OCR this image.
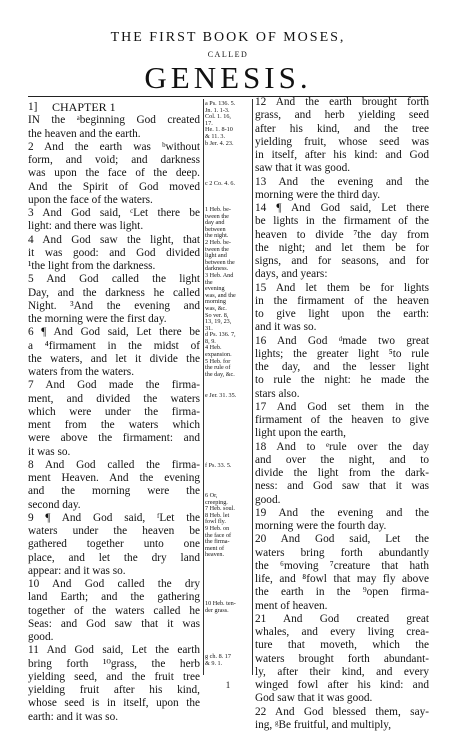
THE FIRST BOOK OF MOSES,
CALLED
GENESIS.
1] CHAPTER 1
IN the ᵃbeginning God created
the heaven and the earth.
2 And the earth was ᵇwithout
form, and void; and darkness
was upon the face of the deep.
And the Spirit of God moved
upon the face of the waters.
3 And God said, ᶜLet there be
light: and there was light.
4 And God saw the light, that
it was good: and God divided
¹the light from the darkness.
5 And God called the light
Day, and the darkness he called
Night. ³And the evening and
the morning were the first day.
6 ¶ And God said, Let there be
a ⁴firmament in the midst of
the waters, and let it divide the
waters from the waters.
7 And God made the firma-
ment, and divided the waters
which were under the firma-
ment from the waters which
were above the firmament: and
it was so.
8 And God called the firma-
ment Heaven. And the evening
and the morning were the
second day.
9 ¶ And God said, ᶠLet the
waters under the heaven be
gathered together unto one
place, and let the dry land
appear: and it was so.
10 And God called the dry
land Earth; and the gathering
together of the waters called he
Seas: and God saw that it was
good.
11 And God said, Let the earth
bring forth ¹⁰grass, the herb
yielding seed, and the fruit tree
yielding fruit after his kind,
whose seed is in itself, upon the
earth: and it was so.
a Ps. 136. 5.
Jn. 1. 1-3.
Col. 1. 16,
17.
He. 1. 8-10
& 11. 3.
b Jer. 4. 23.
c 2 Co. 4. 6.
1 Heb. be-
tween the
day and
between
the night.
2 Heb. be-
tween the
light and
between the
darkness.
3 Heb. And
the
evening
was, and the
morning
was, &c.
So ver. 8,
13, 19, 23,
31.
d Ps. 136. 7,
8, 9.
4 Heb.
expansion.
5 Heb. for
the rule of
the day, &c.
e Jer. 31. 35.
f Ps. 33. 5.
6 Or,
creeping.
7 Heb. soul.
8 Heb. let
fowl fly.
9 Heb. on
the face of
the firma-
ment of
heaven.
10 Heb. ten-
der grass.
g ch. 8. 17
& 9. 1.
12 And the earth brought forth
grass, and herb yielding seed
after his kind, and the tree
yielding fruit, whose seed was
in itself, after his kind: and God
saw that it was good.
13 And the evening and the
morning were the third day.
14 ¶ And God said, Let there
be lights in the firmament of the
heaven to divide ⁷the day from
the night; and let them be for
signs, and for seasons, and for
days, and years:
15 And let them be for lights
in the firmament of the heaven
to give light upon the earth:
and it was so.
16 And God ᵈmade two great
lights; the greater light ⁵to rule
the day, and the lesser light
to rule the night: he made the
stars also.
17 And God set them in the
firmament of the heaven to give
light upon the earth,
18 And to ᵉrule over the day
and over the night, and to
divide the light from the dark-
ness: and God saw that it was
good.
19 And the evening and the
morning were the fourth day.
20 And God said, Let the
waters bring forth abundantly
the ⁶moving ⁷creature that hath
life, and ⁸fowl that may fly above
the earth in the ⁹open firma-
ment of heaven.
21 And God created great
whales, and every living crea-
ture that moveth, which the
waters brought forth abundant-
ly, after their kind, and every
winged fowl after his kind: and
God saw that it was good.
22 And God blessed them, say-
ing, ᵍBe fruitful, and multiply,
1
